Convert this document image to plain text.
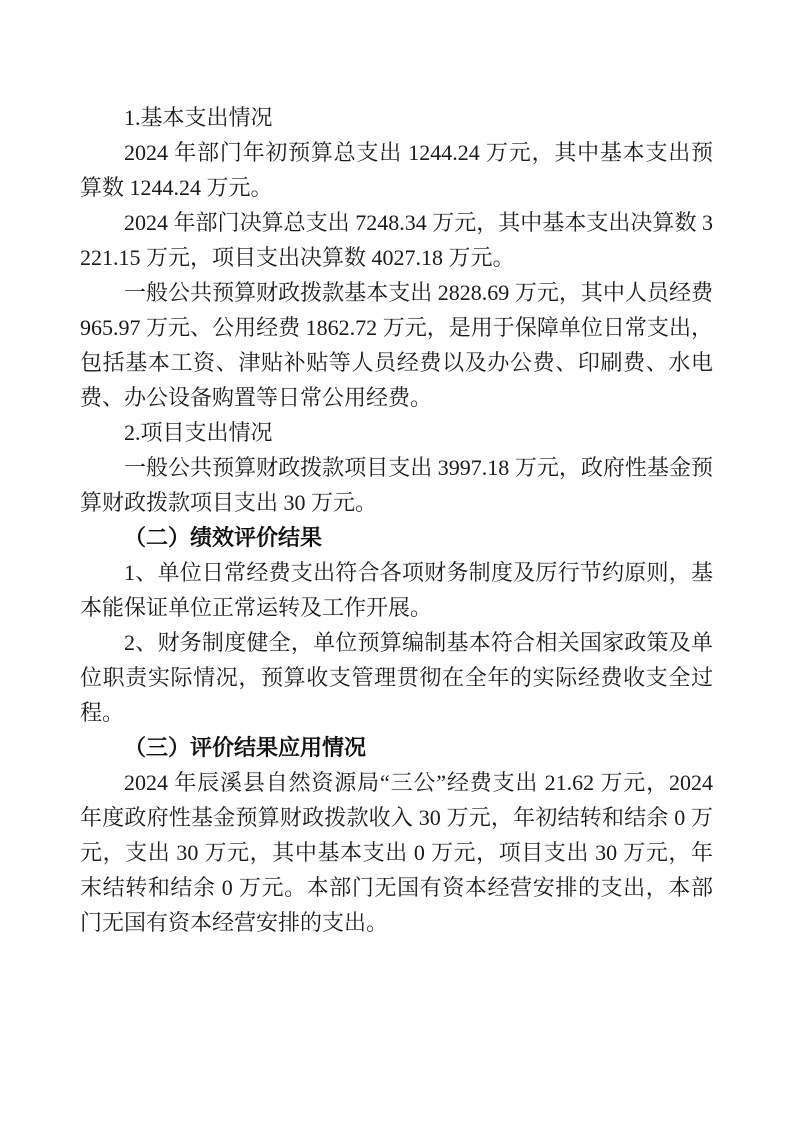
1.基本支出情况

2024 年部门年初预算总支出 1244.24 万元，其中基本支出预算数 1244.24 万元。

2024 年部门决算总支出 7248.34 万元，其中基本支出决算数 3221.15 万元，项目支出决算数 4027.18 万元。

一般公共预算财政拨款基本支出 2828.69 万元，其中人员经费 965.97 万元、公用经费 1862.72 万元，是用于保障单位日常支出，包括基本工资、津贴补贴等人员经费以及办公费、印刷费、水电费、办公设备购置等日常公用经费。

2.项目支出情况

一般公共预算财政拨款项目支出 3997.18 万元，政府性基金预算财政拨款项目支出 30 万元。

（二）绩效评价结果

1、单位日常经费支出符合各项财务制度及厉行节约原则，基本能保证单位正常运转及工作开展。

2、财务制度健全，单位预算编制基本符合相关国家政策及单位职责实际情况，预算收支管理贯彻在全年的实际经费收支全过程。

（三）评价结果应用情况

2024 年辰溪县自然资源局“三公”经费支出 21.62 万元，2024 年度政府性基金预算财政拨款收入 30 万元，年初结转和结余 0 万元，支出 30 万元，其中基本支出 0 万元，项目支出 30 万元，年末结转和结余 0 万元。本部门无国有资本经营安排的支出，本部门无国有资本经营安排的支出。
